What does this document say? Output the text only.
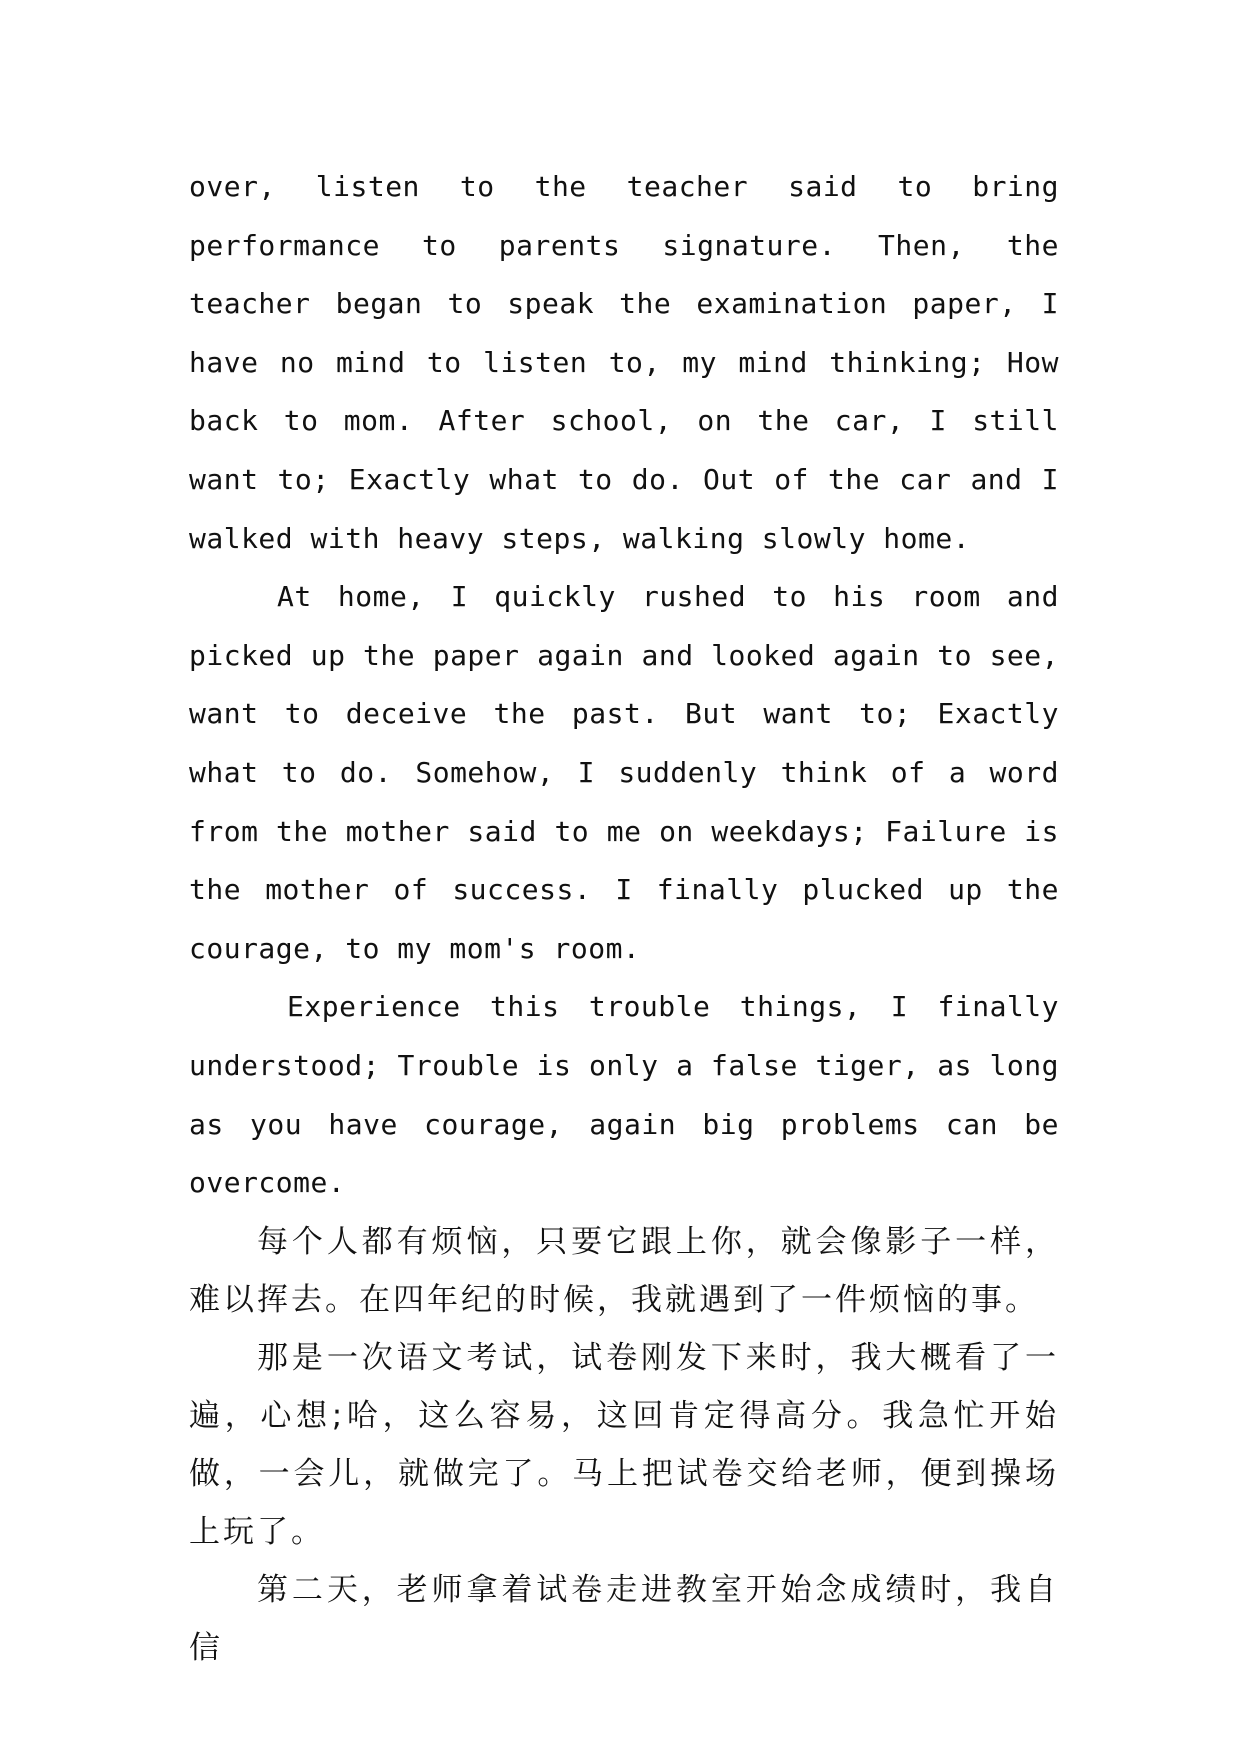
over, listen to the teacher said to bring performance to parents signature. Then, the teacher began to speak the examination paper, I have no mind to listen to, my mind thinking; How back to mom. After school, on the car, I still want to; Exactly what to do. Out of the car and I walked with heavy steps, walking slowly home.

At home, I quickly rushed to his room and picked up the paper again and looked again to see, want to deceive the past. But want to; Exactly what to do. Somehow, I suddenly think of a word from the mother said to me on weekdays; Failure is the mother of success. I finally plucked up the courage, to my mom's room.

Experience this trouble things, I finally understood; Trouble is only a false tiger, as long as you have courage, again big problems can be overcome.

每个人都有烦恼，只要它跟上你，就会像影子一样，难以挥去。在四年纪的时候，我就遇到了一件烦恼的事。

那是一次语文考试，试卷刚发下来时，我大概看了一遍，心想;哈，这么容易，这回肯定得高分。我急忙开始做，一会儿，就做完了。马上把试卷交给老师，便到操场上玩了。

第二天，老师拿着试卷走进教室开始念成绩时，我自信
